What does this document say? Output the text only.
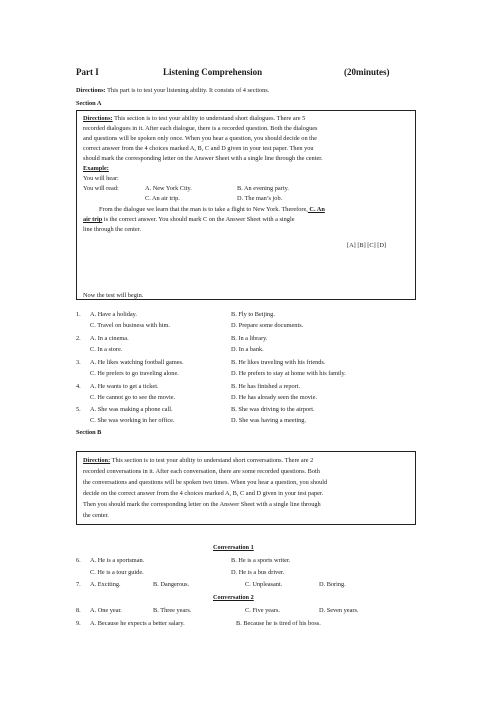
Part I	Listening Comprehension	(20minutes)
Directions: This part is to test your listening ability. It consists of 4 sections.
Section A
Directions: This section is to test your ability to understand short dialogues. There are 5
recorded dialogues in it. After each dialogue, there is a recorded question. Both the dialogues
and questions will be spoken only once. When you hear a question, you should decide on the
correct answer from the 4 choices marked A, B, C and D given in your test paper. Then you
should mark the corresponding letter on the Answer Sheet with a single line through the center.
Example:
You will hear:
You will read:	A. New York City.	B. An evening party.
C. An air trip.	D. The man’s job.
From the dialogue we learn that the man is to take a flight to New York. Therefore, C. An
air trip is the correct answer. You should mark C on the Answer Sheet with a single
line through the center.
[A] [B] [C] [D]
Now the test will begin.
1. A. Have a holiday.	B. Fly to Beijing.
C. Travel on business with him.	D. Prepare some documents.
2. A. In a cinema.	B. In a library.
C. In a store.	D. In a bank.
3. A. He likes watching football games.	B. He likes traveling with his friends.
C. He prefers to go traveling alone.	D. He prefers to stay at home with his family.
4. A. He wants to get a ticket.	B. He has finished a report.
C. He cannot go to see the movie.	D. He has already seen the movie.
5. A. She was making a phone call.	B. She was driving to the airport.
C. She was working in her office.	D. She was having a meeting.
Section B
Direction: This section is to test your ability to understand short conversations. There are 2
recorded conversations in it. After each conversation, there are some recorded questions. Both
the conversations and questions will be spoken two times. When you hear a question, you should
decide on the correct answer from the 4 choices marked A, B, C and D given in your test paper.
Then you should mark the corresponding letter on the Answer Sheet with a single line through
the center.
Conversation 1
6. A. He is a sportsman.	B. He is a sports writer.
C. He is a tour guide.	D. He is a bus driver.
7. A. Exciting.	B. Dangerous.	C. Unpleasant.	D. Boring.
Conversation 2
8. A. One year.	B. Three years.	C. Five years.	D. Seven years.
9. A. Because he expects a better salary.	B. Because he is tired of his boss.
